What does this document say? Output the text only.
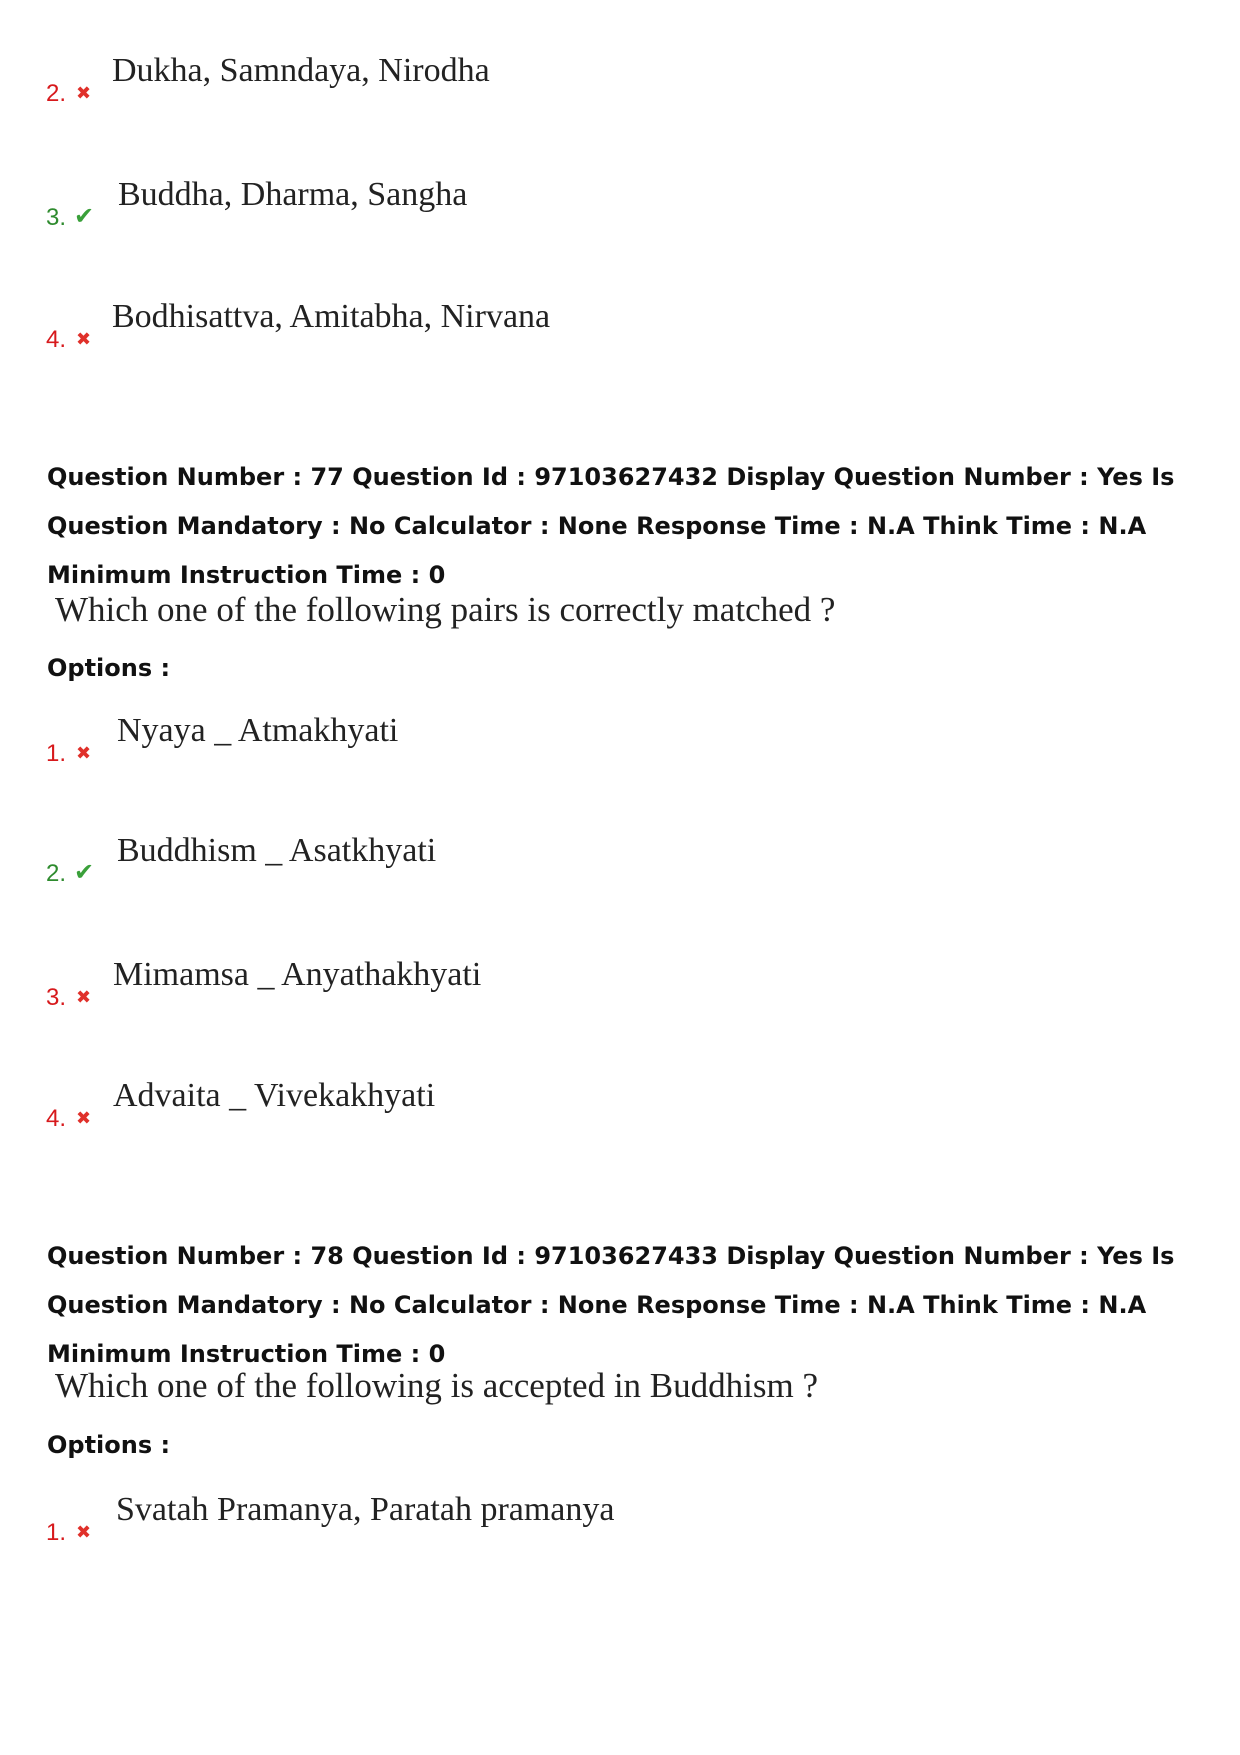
2. ✖
Dukha, Samndaya, Nirodha
3. ✔
Buddha, Dharma, Sangha
4. ✖
Bodhisattva, Amitabha, Nirvana
Question Number : 77 Question Id : 97103627432 Display Question Number : Yes Is Question Mandatory : No Calculator : None Response Time : N.A Think Time : N.A Minimum Instruction Time : 0
Which one of the following pairs is correctly matched ?
Options :
1. ✖
Nyaya _ Atmakhyati
2. ✔
Buddhism _ Asatkhyati
3. ✖
Mimamsa _ Anyathakhyati
4. ✖
Advaita _ Vivekakhyati
Question Number : 78 Question Id : 97103627433 Display Question Number : Yes Is Question Mandatory : No Calculator : None Response Time : N.A Think Time : N.A Minimum Instruction Time : 0
Which one of the following is accepted in Buddhism ?
Options :
1. ✖
Svatah Pramanya, Paratah pramanya
